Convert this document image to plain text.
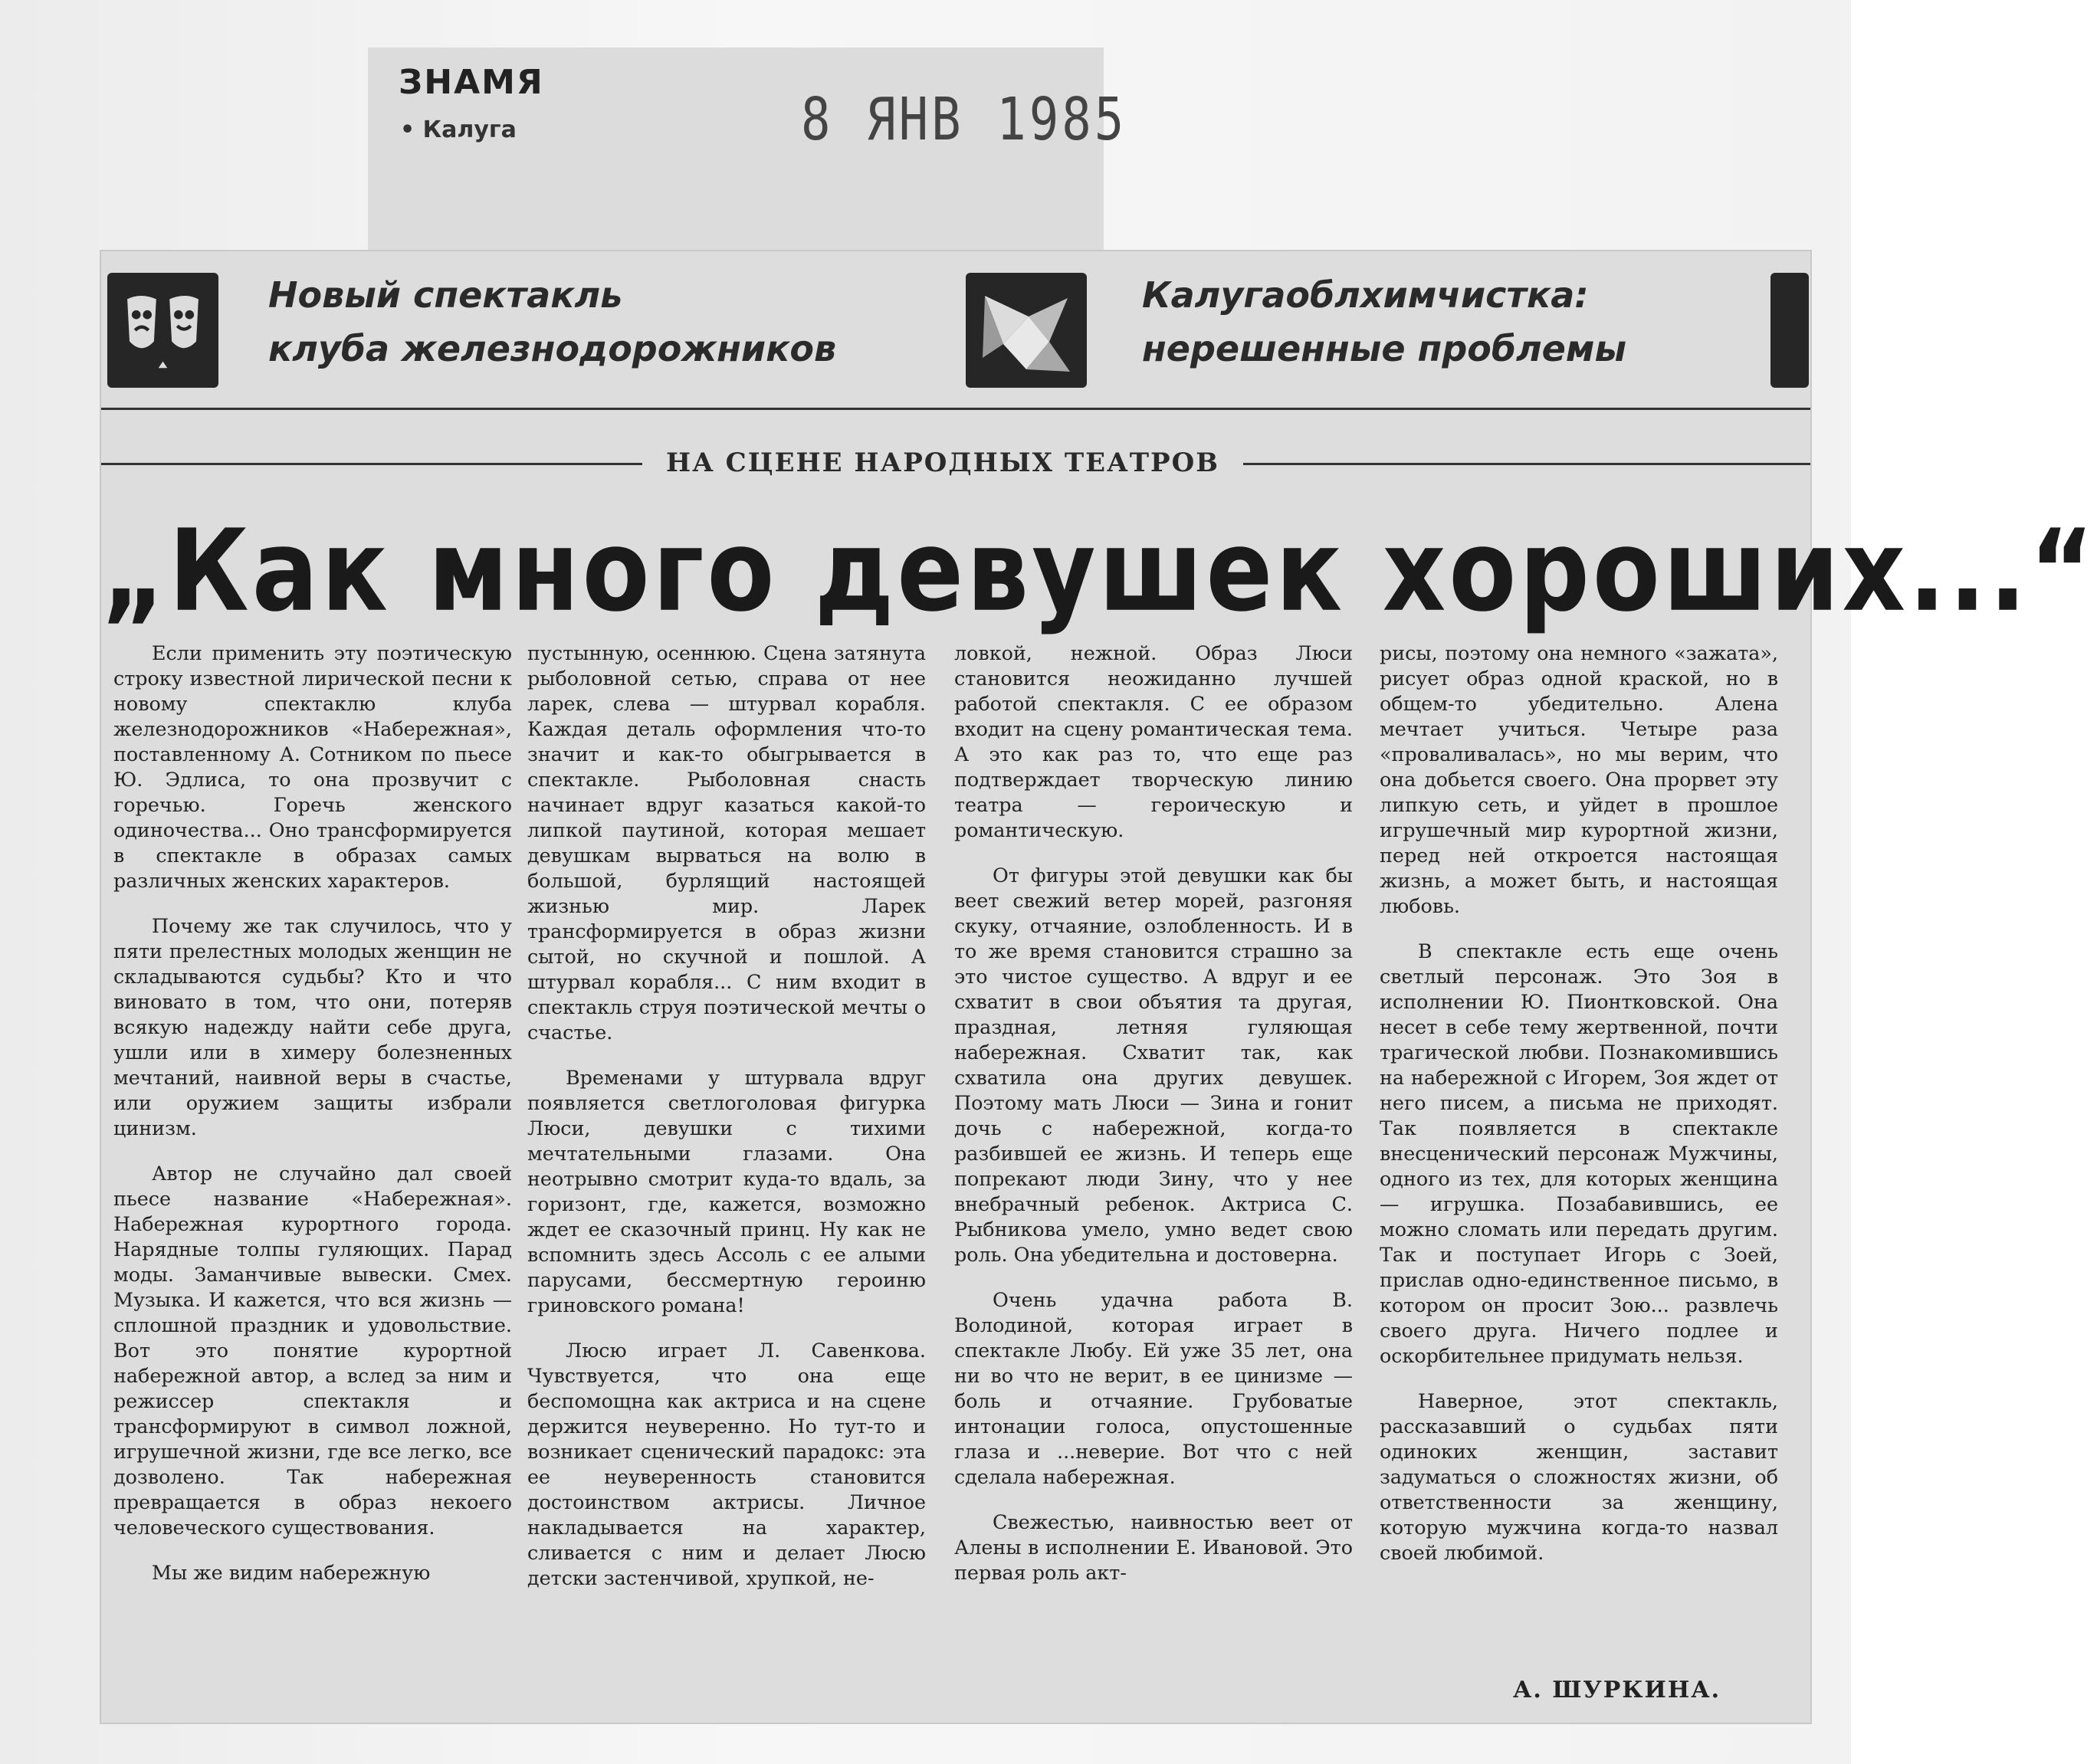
ЗНАМЯ
• Калуга	8 ЯНВ 1985
Новый спектакль
клуба железнодорожников
Калугаоблхимчистка:
нерешенные проблемы
НА СЦЕНЕ НАРОДНЫХ ТЕАТРОВ
„Как много девушек хороших...“

Если применить эту поэтическую строку известной лирической песни к новому спектаклю клуба железнодорожников «Набережная», поставленному А. Сотником по пьесе Ю. Эдлиса, то она прозвучит с горечью. Горечь женского одиночества... Оно трансформируется в спектакле в образах самых различных женских характеров.

Почему же так случилось, что у пяти прелестных молодых женщин не складываются судьбы? Кто и что виновато в том, что они, потеряв всякую надежду найти себе друга, ушли или в химеру болезненных мечтаний, наивной веры в счастье, или оружием защиты избрали цинизм.

Автор не случайно дал своей пьесе название «Набережная». Набережная курортного города. Нарядные толпы гуляющих. Парад моды. Заманчивые вывески. Смех. Музыка. И кажется, что вся жизнь — сплошной праздник и удовольствие. Вот это понятие курортной набережной автор, а вслед за ним и режиссер спектакля и трансформируют в символ ложной, игрушечной жизни, где все легко, все дозволено. Так набережная превращается в образ некоего человеческого существования.

Мы же видим набережную

пустынную, осеннюю. Сцена затянута рыболовной сетью, справа от нее ларек, слева — штурвал корабля. Каждая деталь оформления что-то значит и как-то обыгрывается в спектакле. Рыболовная снасть начинает вдруг казаться какой-то липкой паутиной, которая мешает девушкам вырваться на волю в большой, бурлящий настоящей жизнью мир. Ларек трансформируется в образ жизни сытой, но скучной и пошлой. А штурвал корабля... С ним входит в спектакль струя поэтической мечты о счастье.

Временами у штурвала вдруг появляется светлоголовая фигурка Люси, девушки с тихими мечтательными глазами. Она неотрывно смотрит куда-то вдаль, за горизонт, где, кажется, возможно ждет ее сказочный принц. Ну как не вспомнить здесь Ассоль с ее алыми парусами, бессмертную героиню гриновского романа!

Люсю играет Л. Савенкова. Чувствуется, что она еще беспомощна как актриса и на сцене держится неуверенно. Но тут-то и возникает сценический парадокс: эта ее неуверенность становится достоинством актрисы. Личное накладывается на характер, сливается с ним и делает Люсю детски застенчивой, хрупкой, не-

ловкой, нежной. Образ Люси становится неожиданно лучшей работой спектакля. С ее образом входит на сцену романтическая тема. А это как раз то, что еще раз подтверждает творческую линию театра — героическую и романтическую.

От фигуры этой девушки как бы веет свежий ветер морей, разгоняя скуку, отчаяние, озлобленность. И в то же время становится страшно за это чистое существо. А вдруг и ее схватит в свои объятия та другая, праздная, летняя гуляющая набережная. Схватит так, как схватила она других девушек. Поэтому мать Люси — Зина и гонит дочь с набережной, когда-то разбившей ее жизнь. И теперь еще попрекают люди Зину, что у нее внебрачный ребенок. Актриса С. Рыбникова умело, умно ведет свою роль. Она убедительна и достоверна.

Очень удачна работа В. Володиной, которая играет в спектакле Любу. Ей уже 35 лет, она ни во что не верит, в ее цинизме — боль и отчаяние. Грубоватые интонации голоса, опустошенные глаза и ...неверие. Вот что с ней сделала набережная.

Свежестью, наивностью веет от Алены в исполнении Е. Ивановой. Это первая роль акт-

рисы, поэтому она немного «зажата», рисует образ одной краской, но в общем-то убедительно. Алена мечтает учиться. Четыре раза «проваливалась», но мы верим, что она добьется своего. Она прорвет эту липкую сеть, и уйдет в прошлое игрушечный мир курортной жизни, перед ней откроется настоящая жизнь, а может быть, и настоящая любовь.

В спектакле есть еще очень светлый персонаж. Это Зоя в исполнении Ю. Пионтковской. Она несет в себе тему жертвенной, почти трагической любви. Познакомившись на набережной с Игорем, Зоя ждет от него писем, а письма не приходят. Так появляется в спектакле внесценический персонаж Мужчины, одного из тех, для которых женщина — игрушка. Позабавившись, ее можно сломать или передать другим. Так и поступает Игорь с Зоей, прислав одно-единственное письмо, в котором он просит Зою... развлечь своего друга. Ничего подлее и оскорбительнее придумать нельзя.

Наверное, этот спектакль, рассказавший о судьбах пяти одиноких женщин, заставит задуматься о сложностях жизни, об ответственности за женщину, которую мужчина когда-то назвал своей любимой.

А. ШУРКИНА.
